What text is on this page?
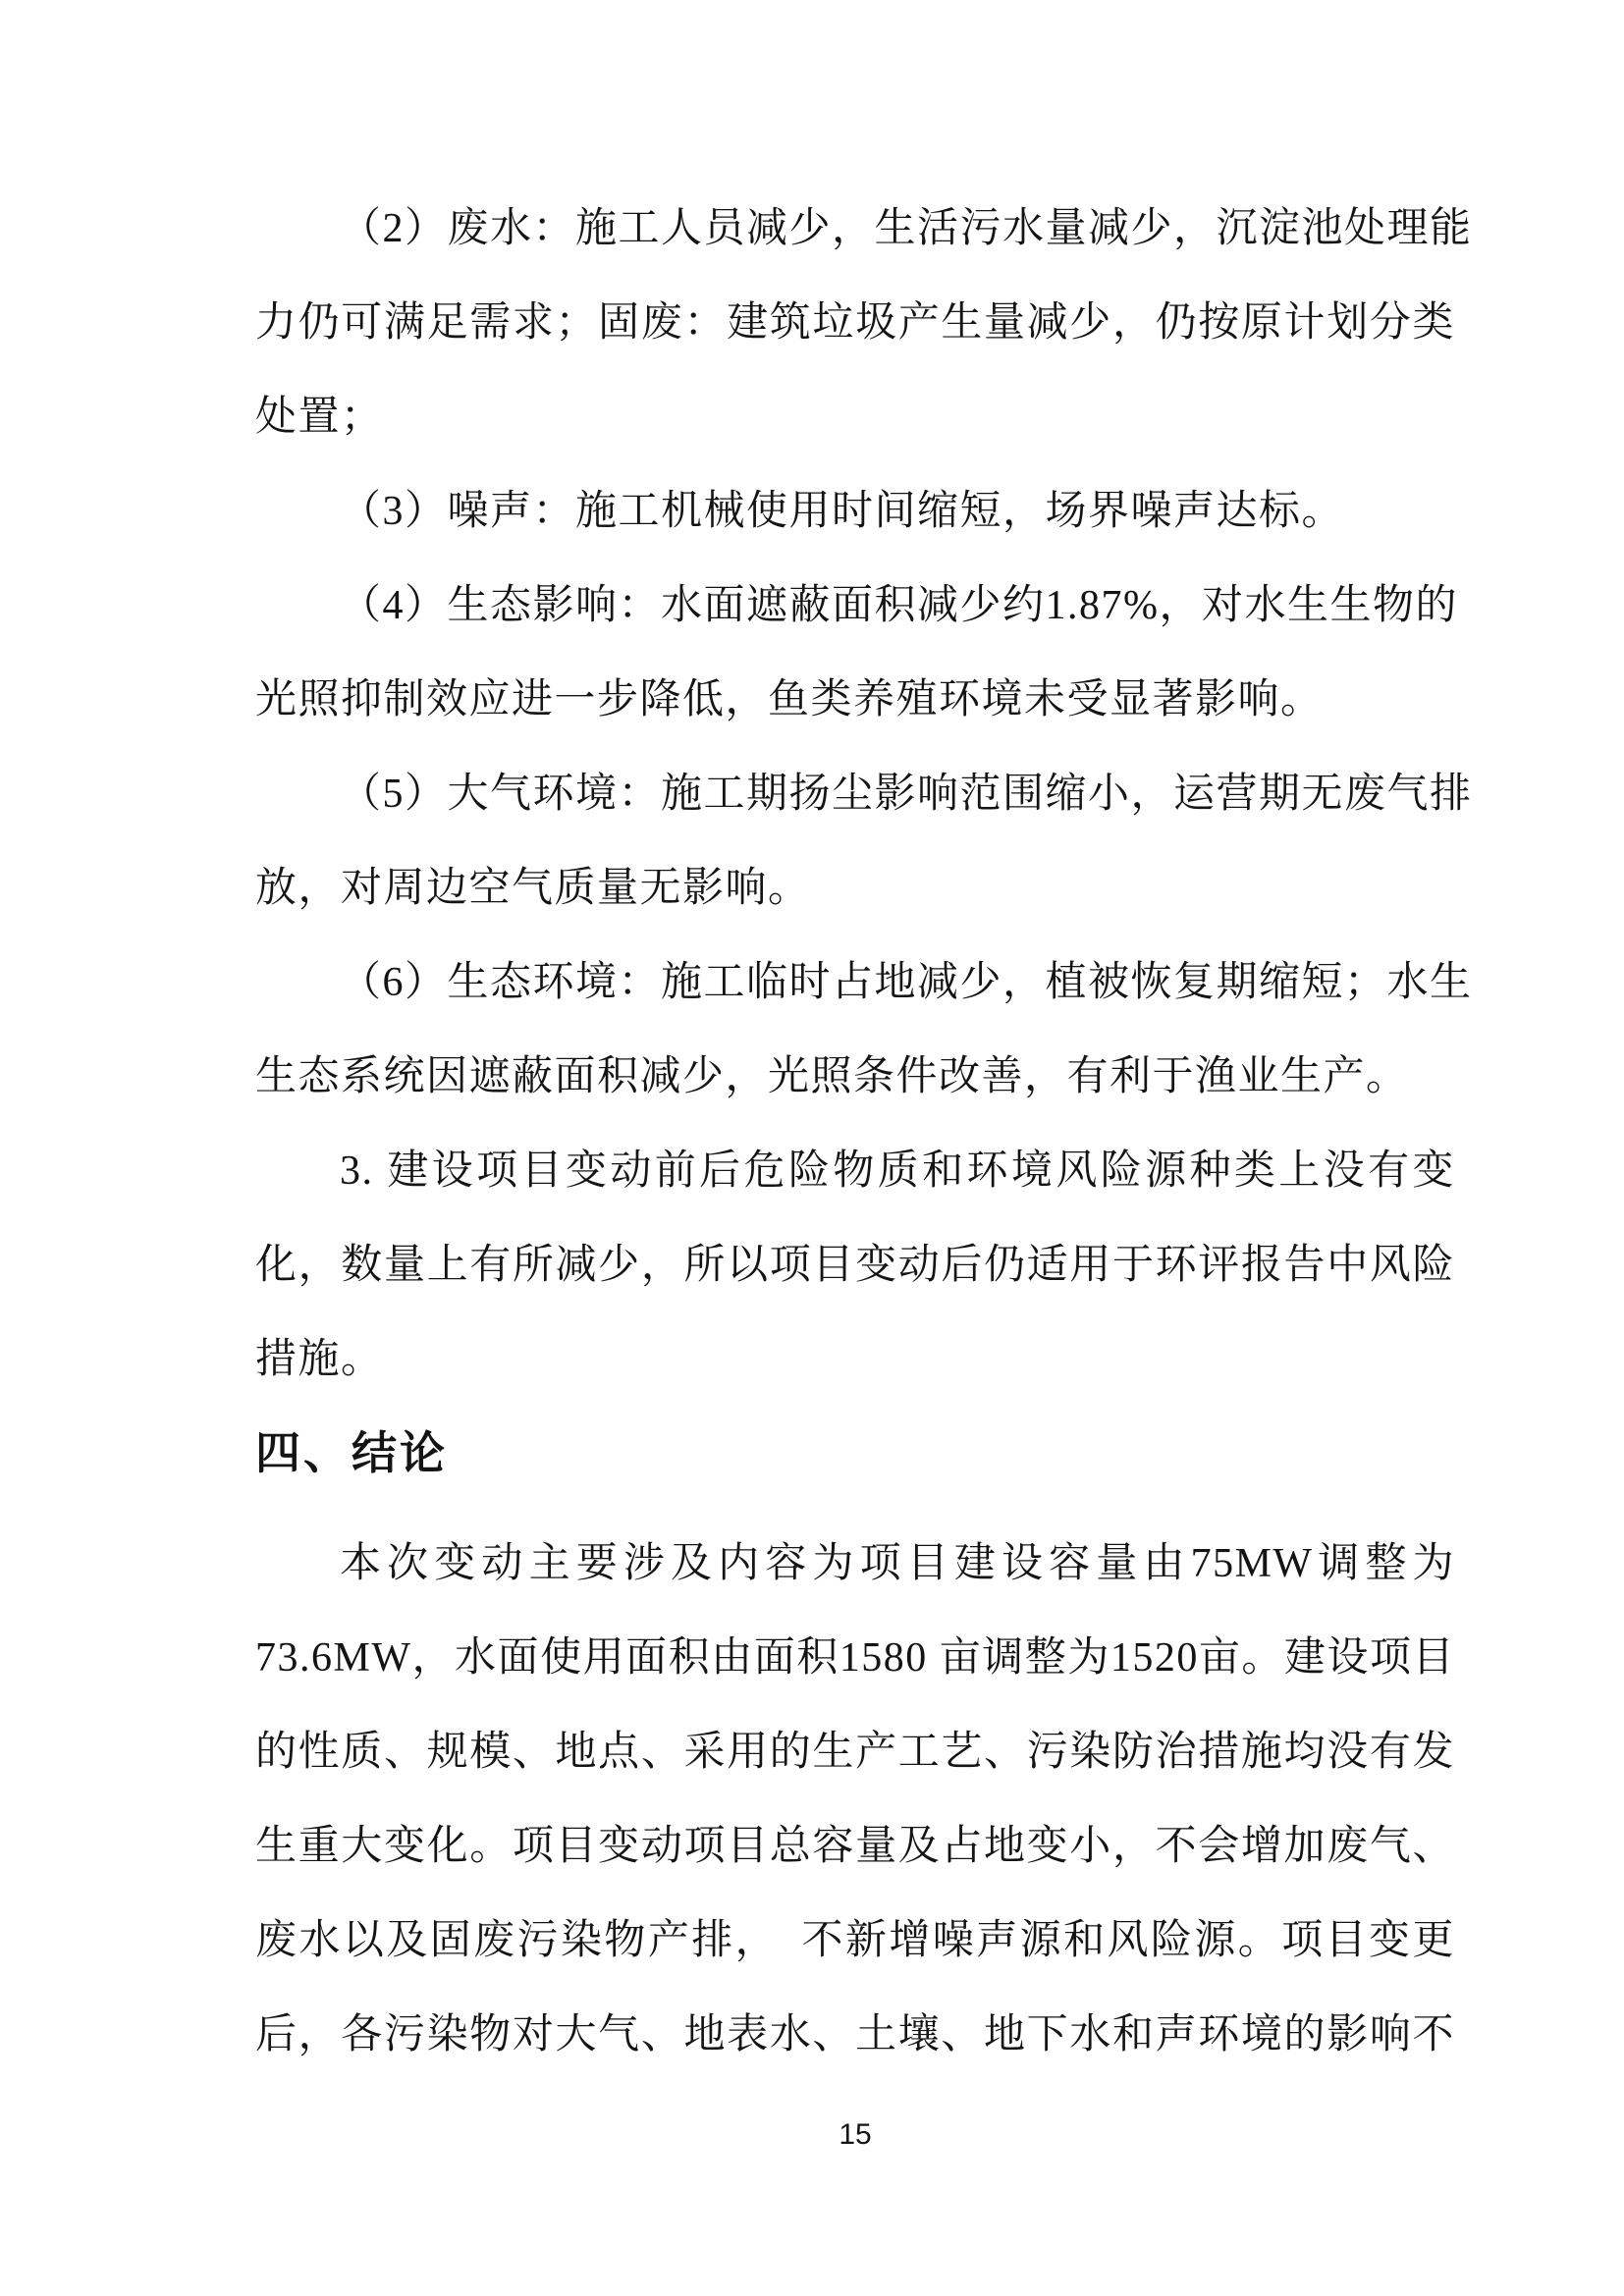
（2）废水：施工人员减少，生活污水量减少，沉淀池处理能
力仍可满足需求；固废：建筑垃圾产生量减少，仍按原计划分类
处置；
（3）噪声：施工机械使用时间缩短，场界噪声达标。
（4）生态影响：水面遮蔽面积减少约1.87%，对水生生物的
光照抑制效应进一步降低，鱼类养殖环境未受显著影响。
（5）大气环境：施工期扬尘影响范围缩小，运营期无废气排
放，对周边空气质量无影响。
（6）生态环境：施工临时占地减少，植被恢复期缩短；水生
生态系统因遮蔽面积减少，光照条件改善，有利于渔业生产。
3. 建设项目变动前后危险物质和环境风险源种类上没有变
化，数量上有所减少，所以项目变动后仍适用于环评报告中风险
措施。
四、结论
本次变动主要涉及内容为项目建设容量由75MW调整为
73.6MW，水面使用面积由面积1580 亩调整为1520亩。建设项目
的性质、规模、地点、采用的生产工艺、污染防治措施均没有发
生重大变化。项目变动项目总容量及占地变小，不会增加废气、
废水以及固废污染物产排，　不新增噪声源和风险源。项目变更
后，各污染物对大气、地表水、土壤、地下水和声环境的影响不
15
